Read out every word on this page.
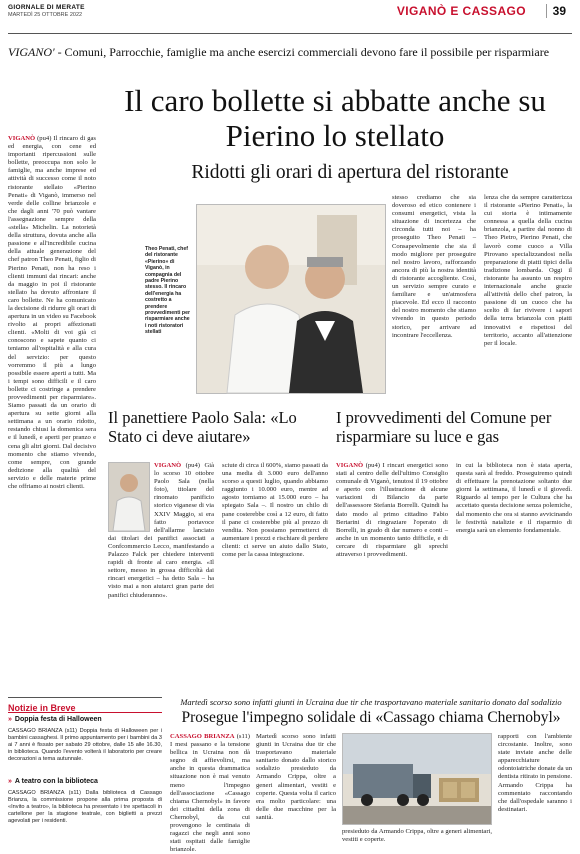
GIORNALE DI MERATE
MARTEDÌ 25 OTTOBRE 2022	VIGANÒ E CASSAGO	39
VIGANO' - Comuni, Parrocchie, famiglie ma anche esercizi commerciali devono fare il possibile per risparmiare
Il caro bollette si abbatte anche su Pierino lo stellato
Ridotti gli orari di apertura del ristorante
VIGANÒ (pu4) Il rincaro di gas ed energia, con cene ed importanti ripercussioni sulle bollette, preoccupa non solo le famiglie, ma anche imprese ed attività di successo come il noto ristorante stellato «Pierino Penati» di Viganò, immerso nel verde delle colline brianzole e che dagli anni '70 può vantare l'assegnazione sempre della «stella» Michelin. La notorietà della struttura, dovuta anche alla passione e all'incredibile cucina della attuale generazione del chef patron Theo Penati, figlio di Pierino Penati, non ha reso i clienti immuni dai rincari: anche da maggio in poi il ristorante stellato ha dovuto affrontare il caro bollette. Ne ha comunicato la decisione di ridurre gli orari di apertura in un video su Facebook rivolto ai propri affezionati clienti. «Molti di voi già ci conoscono e sapete quanto ci teniamo all'ospitalità e alla cura del servizio: per questo vorremmo il più a lungo possibile essere aperti a tutti. Ma i tempi sono difficili e il caro bollette ci costringe a prendere provvedimenti per risparmiare». Siamo passati da un orario di apertura su sette giorni alla settimana a un orario ridotto, restando chiusi la domenica sera e il lunedì, e aperti per pranzo e cena gli altri giorni. Dal decisivo momento che stiamo vivendo, come sempre, con grande dedizione alla qualità del servizio e delle materie prime che offriamo ai nostri clienti.
Theo Penati, chef del ristorante «Pierino» di Viganò, in compagnia del padre Pierino stesso. Il rincaro dell'energia ha costretto a prendere provvedimenti per risparmiare anche i noti ristoratori stellati
stesso crediamo che sia doveroso ed etico contenere i consumi energetici, vista la situazione di incertezza che circonda tutti noi – ha proseguito Theo Penati – Consapevolmente che sia il modo migliore per proseguire nel nostro lavoro, rafforzando ancora di più la nostra identità di ristorante accogliente. Così, un servizio sempre curato e familiare e un'atmosfera piacevole. Ed ecco il racconto del nostro momento che stiamo vivendo in questo periodo storico, per arrivare ad incontrare l'eccellenza.
lenza che da sempre caratterizza il ristorante «Pierino Penati», la cui storia è intimamente connessa a quella della cucina brianzola, a partire dal nonno di Theo Pietro, Pierino Penati, che lavorò come cuoco a Villa Pirovano specializzandosi nella preparazione di piatti tipici della tradizione lombarda. Oggi il ristorante ha assunto un respiro internazionale anche grazie all'attività dello chef patron, la passione di un cuoco che ha scelto di far rivivere i sapori della terra brianzola con piatti innovativi e rispettosi del territorio, accanto all'attenzione per il locale.
Il panettiere Paolo Sala: «Lo Stato ci deve aiutare»
I provvedimenti del Comune per risparmiare su luce e gas
VIGANÒ (pu4) Già lo scorso 10 ottobre Paolo Sala (nella foto), titolare del rinomato panificio storico viganese di via XXIV Maggio, si era fatto portavoce dell'allarme lanciato dai titolari dei panifici associati a Confcommercio Lecco, manifestando a Palazzo Falck per chiedere interventi rapidi di fronte al caro energia. «Il settore, messo in grossa difficoltà dai rincari energetici – ha detto Sala – ha visto mai a non aiutarci gran parte dei panifici chiuderanno».
sciute di circa il 600%, siamo passati da una media di 3.000 euro dell'anno scorso a questi luglio, quando abbiamo raggiunto i 10.000 euro, mentre ad agosto torniamo ai 15.000 euro – ha spiegato Sala –. Il nostro un chilo di pane costerebbe così a 12 euro, di fatto il pane ci costerebbe più al prezzo di vendita. Non possiamo permetterci di aumentare i prezzi e rischiare di perdere clienti: ci serve un aiuto dallo Stato, come per la cassa integrazione.
VIGANÒ (pu4) I rincari energetici sono stati al centro delle dell'ultimo Consiglio comunale di Viganò, tenutosi il 19 ottobre e aperto con l'illustrazione di alcune variazioni di Bilancio da parte dell'assessore Stefania Borrelli. Quindi ha dato modo al primo cittadino Fabio Bertarini di ringraziare l'operato di Borrelli, in grado di dar numero e conti – anche in un momento tanto difficile, e di cercare di risparmiare gli sprechi attraverso i provvedimenti.
in cui la biblioteca non è stata aperta, questa sarà al freddo. Proseguiremo quindi di effettuare la prenotazione soltanto due giorni la settimana, il lunedì e il giovedì. Riguardo al tempo per le Cultura che ha accettato questa decisione senza polemiche, dal momento che ora si stanno avvicinando le festività natalizie e il risparmio di energia sarà un elemento fondamentale.
Notizie in Breve
» Doppia festa di Halloween
CASSAGO BRIANZA (s11) Doppia festa di Halloween per i bambini cassaghesi. Il primo appuntamento per i bambini da 3 ai 7 anni è fissato per sabato 29 ottobre, dalle 15 alle 16.30, in biblioteca. Quando l'evento volterà il laboratorio per creare decorazioni a tema autunnale.
» A teatro con la biblioteca
CASSAGO BRIANZA (s11) Dalla biblioteca di Cassago Brianza, la commissione propone alla prima proposta di «Invito a teatro», la biblioteca ha presentato i tre spettacoli in cartellone per la stagione teatrale, con biglietti a prezzi agevolati per i residenti.
Martedì scorso sono infatti giunti in Ucraina due tir che trasportavano materiale sanitario donato dal sodalizio
Prosegue l'impegno solidale di «Cassago chiama Chernobyl»
CASSAGO BRIANZA (s11) I mesi passano e la tensione bellica in Ucraina non dà segno di affievolirsi, ma anche in questa drammatica situazione non è mai venuto meno l'impegno dell'associazione «Cassago chiama Chernobyl» in favore dei cittadini della zona di Chernobyl, da cui provengono le centinaia di ragazzi che negli anni sono stati ospitati dalle famiglie brianzole.
Martedì scorso sono infatti giunti in Ucraina due tir che trasportavano materiale sanitario donato dallo storico sodalizio presieduto da Armando Crippa, oltre a generi alimentari, vestiti e coperte. Questa volta il carico era molto particolare: una delle due macchine per la sanità.
presieduto da Armando Crippa, oltre a generi alimentari, vestiti e coperte.
rapporti con l'ambiente circostante. Inoltre, sono state inviate anche delle apparecchiature odontoiatriche donate da un dentista ritirato in pensione. Armando Crippa ha commentato raccontando che dall'ospedale saranno i destinatari.
